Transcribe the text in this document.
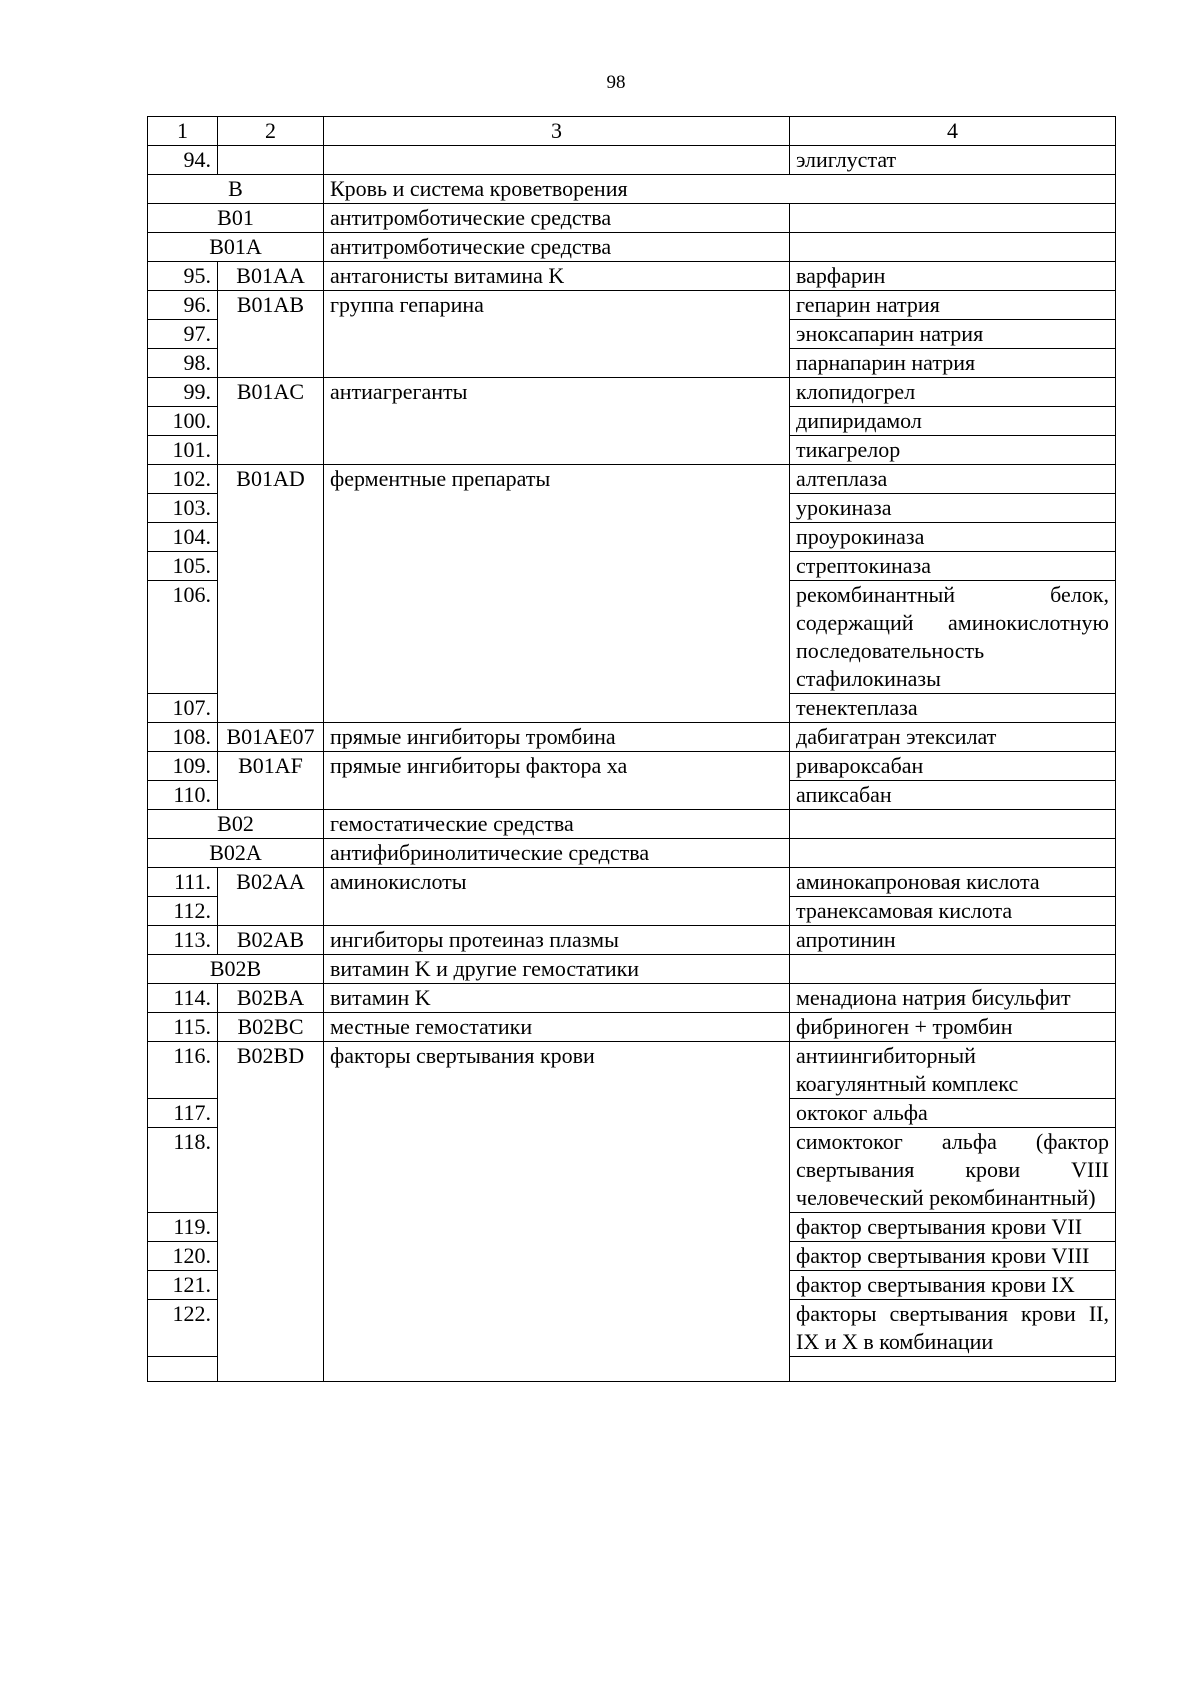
98
1	2	3	4
94.			элиглустат
B		Кровь и система кроветворения	
B01		антитромботические средства	
B01A		антитромботические средства	
95.	B01AA	антагонисты витамина K	варфарин
96.	B01AB	группа гепарина	гепарин натрия
97.			эноксапарин натрия
98.			парнапарин натрия
99.	B01AC	антиагреганты	клопидогрел
100.			дипиридамол
101.			тикагрелор
102.	B01AD	ферментные препараты	алтеплаза
103.			урокиназа
104.			проурокиназа
105.			стрептокиназа
106.			рекомбинантный белок, содержащий аминокислотную последовательность стафилокиназы
107.			тенектеплаза
108.	B01AE07	прямые ингибиторы тромбина	дабигатран этексилат
109.	B01AF	прямые ингибиторы фактора ха	ривароксабан
110.			апиксабан
B02		гемостатические средства	
B02A		антифибринолитические средства	
111.	B02AA	аминокислоты	аминокапроновая кислота
112.			транексамовая кислота
113.	B02AB	ингибиторы протеиназ плазмы	апротинин
B02B		витамин K и другие гемостатики	
114.	B02BA	витамин K	менадиона натрия бисульфит
115.	B02BC	местные гемостатики	фибриноген + тромбин
116.	B02BD	факторы свертывания крови	антиингибиторный коагулянтный комплекс
117.			октоког альфа
118.			симоктоког альфа (фактор свертывания крови VIII человеческий рекомбинантный)
119.			фактор свертывания крови VII
120.			фактор свертывания крови VIII
121.			фактор свертывания крови IX
122.			факторы свертывания крови II, IX и X в комбинации
